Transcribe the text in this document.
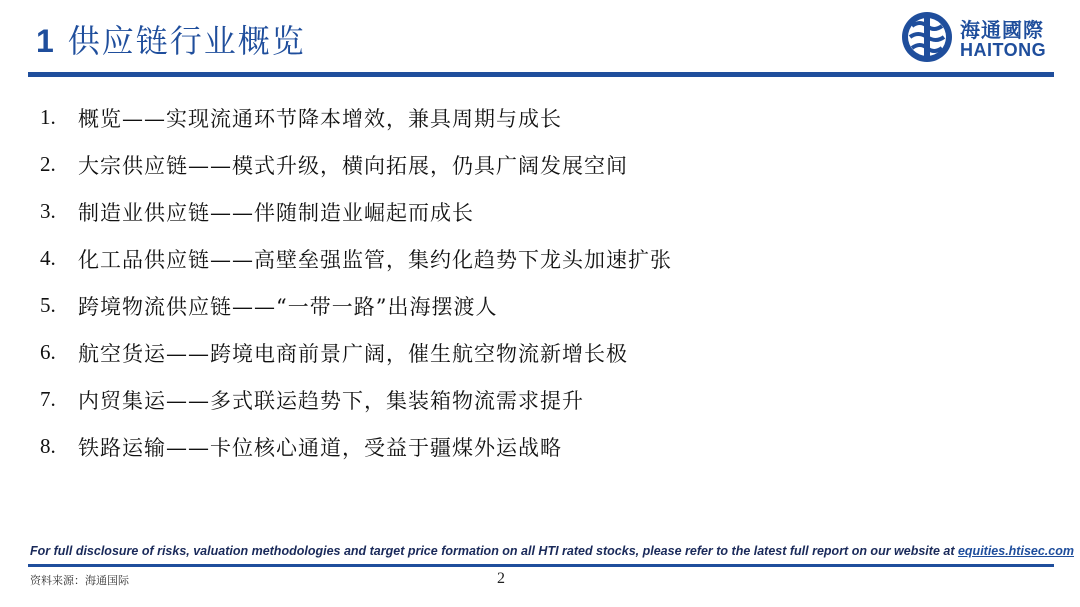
1 供应链行业概览	海通國際
HAITONG
1.	概览——实现流通环节降本增效，兼具周期与成长
2.	大宗供应链——模式升级，横向拓展，仍具广阔发展空间
3.	制造业供应链——伴随制造业崛起而成长
4.	化工品供应链——高壁垒强监管，集约化趋势下龙头加速扩张
5.	跨境物流供应链——“一带一路”出海摆渡人
6.	航空货运——跨境电商前景广阔，催生航空物流新增长极
7.	内贸集运——多式联运趋势下，集装箱物流需求提升
8.	铁路运输——卡位核心通道，受益于疆煤外运战略
For full disclosure of risks, valuation methodologies and target price formation on all HTI rated stocks, please refer to the latest full report on our website at equities.htisec.com
资料来源：海通国际	2
